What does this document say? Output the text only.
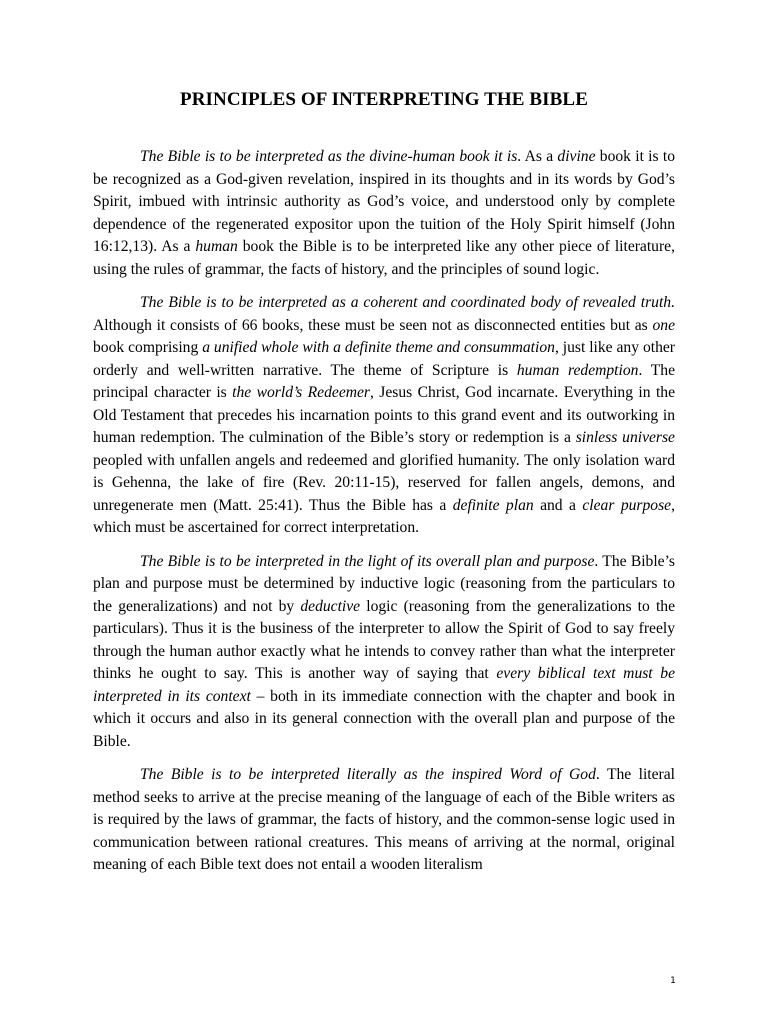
PRINCIPLES OF INTERPRETING THE BIBLE

The Bible is to be interpreted as the divine-human book it is. As a divine book it is to be recognized as a God-given revelation, inspired in its thoughts and in its words by God’s Spirit, imbued with intrinsic authority as God’s voice, and understood only by complete dependence of the regenerated expositor upon the tuition of the Holy Spirit himself (John 16:12,13). As a human book the Bible is to be interpreted like any other piece of literature, using the rules of grammar, the facts of history, and the principles of sound logic.

The Bible is to be interpreted as a coherent and coordinated body of revealed truth. Although it consists of 66 books, these must be seen not as disconnected entities but as one book comprising a unified whole with a definite theme and consummation, just like any other orderly and well-written narrative. The theme of Scripture is human redemption. The principal character is the world’s Redeemer, Jesus Christ, God incarnate. Everything in the Old Testament that precedes his incarnation points to this grand event and its outworking in human redemption. The culmination of the Bible’s story or redemption is a sinless universe peopled with unfallen angels and redeemed and glorified humanity. The only isolation ward is Gehenna, the lake of fire (Rev. 20:11-15), reserved for fallen angels, demons, and unregenerate men (Matt. 25:41). Thus the Bible has a definite plan and a clear purpose, which must be ascertained for correct interpretation.

The Bible is to be interpreted in the light of its overall plan and purpose. The Bible’s plan and purpose must be determined by inductive logic (reasoning from the particulars to the generalizations) and not by deductive logic (reasoning from the generalizations to the particulars). Thus it is the business of the interpreter to allow the Spirit of God to say freely through the human author exactly what he intends to convey rather than what the interpreter thinks he ought to say. This is another way of saying that every biblical text must be interpreted in its context – both in its immediate connection with the chapter and book in which it occurs and also in its general connection with the overall plan and purpose of the Bible.

The Bible is to be interpreted literally as the inspired Word of God. The literal method seeks to arrive at the precise meaning of the language of each of the Bible writers as is required by the laws of grammar, the facts of history, and the common-sense logic used in communication between rational creatures. This means of arriving at the normal, original meaning of each Bible text does not entail a wooden literalism

1
